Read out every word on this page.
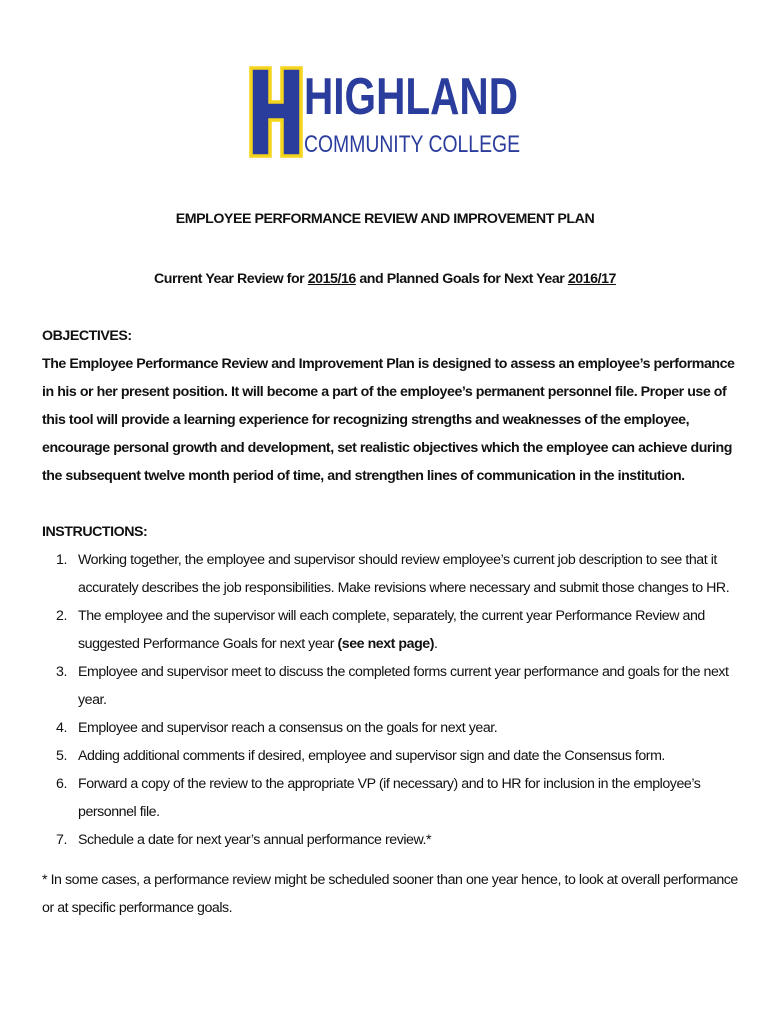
HIGHLAND
COMMUNITY COLLEGE
EMPLOYEE PERFORMANCE REVIEW AND IMPROVEMENT PLAN
Current Year Review for 2015/16 and Planned Goals for Next Year 2016/17
OBJECTIVES:
The Employee Performance Review and Improvement Plan is designed to assess an employee’s performance in his or her present position. It will become a part of the employee’s permanent personnel file. Proper use of this tool will provide a learning experience for recognizing strengths and weaknesses of the employee, encourage personal growth and development, set realistic objectives which the employee can achieve during the subsequent twelve month period of time, and strengthen lines of communication in the institution.
INSTRUCTIONS:
1. Working together, the employee and supervisor should review employee’s current job description to see that it accurately describes the job responsibilities. Make revisions where necessary and submit those changes to HR.
2. The employee and the supervisor will each complete, separately, the current year Performance Review and suggested Performance Goals for next year (see next page).
3. Employee and supervisor meet to discuss the completed forms current year performance and goals for the next year.
4. Employee and supervisor reach a consensus on the goals for next year.
5. Adding additional comments if desired, employee and supervisor sign and date the Consensus form.
6. Forward a copy of the review to the appropriate VP (if necessary) and to HR for inclusion in the employee’s personnel file.
7. Schedule a date for next year’s annual performance review.*
* In some cases, a performance review might be scheduled sooner than one year hence, to look at overall performance or at specific performance goals.
